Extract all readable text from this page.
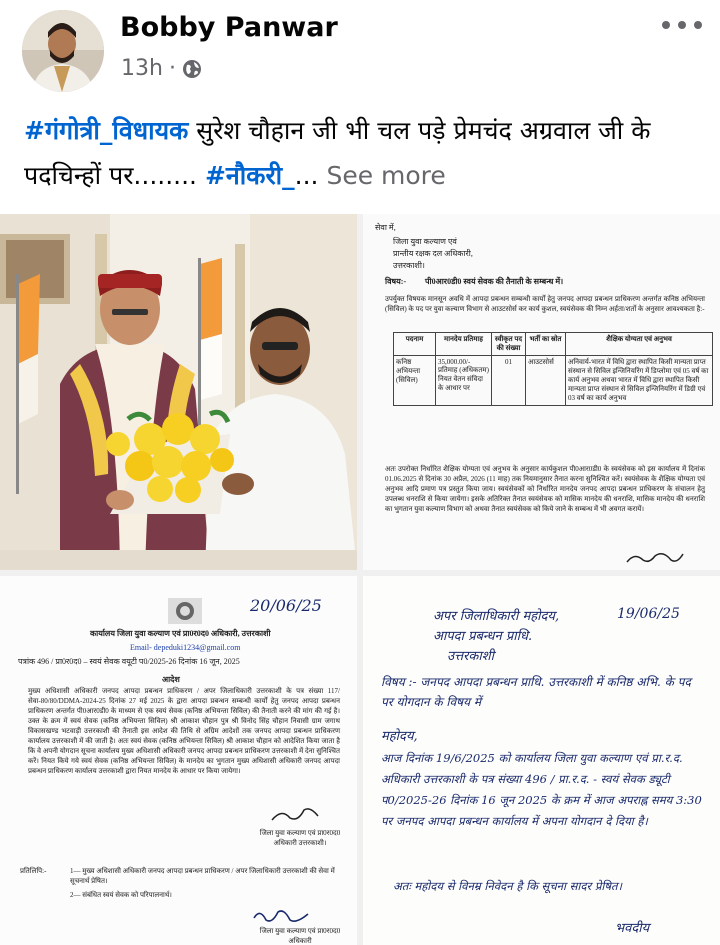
Bobby Panwar
13h ·
#गंगोत्री_विधायक सुरेश चौहान जी भी चल पड़े प्रेमचंद अग्रवाल जी के पदचिन्हों पर........ #नौकरी_... See more
सेवा में,
जिला युवा कल्याण एवं
प्रान्तीय रक्षक दल अधिकारी,
उत्तरकाशी।
विषय:- पी0आर0डी0 स्वयं सेवक की तैनाती के सम्बन्ध में।
उपर्युक्त विषयक मानसून अवधि में आपदा प्रबन्धन सम्बन्धी कार्यों हेतु जनपद आपदा प्रबन्धन प्राधिकरण अन्तर्गत कनिष्ठ अभियन्ता (सिविल) के पद पर युवा कल्याण विभाग से आउटसोर्स कर कार्य कुशल, स्वयंसेवक की निम्न अर्हता/शर्तो के अनुसार आवश्यकता है:-
पदनाम	मानदेय प्रतिमाह	स्वीकृत पद की संख्या	भर्ती का स्रोत	शैक्षिक योग्यता एवं अनुभव
कनिष्ठ अभियन्ता (सिविल)	35,000.00/- प्रतिमाह (अधिकतम) नियत वेतन संविदा के आधार पर	01	आउटसोर्स	अनिवार्य-भारत में विधि द्वारा स्थापित किसी मान्यता प्राप्त संस्थान से सिविल इन्जिनियरिंग में डिप्लोमा एवं 05 वर्ष का कार्य अनुभव अथवा भारत में विधि द्वारा स्थापित किसी मान्यता प्राप्त संस्थान से सिविल इन्जिनियरिंग में डिग्री एवं 03 वर्ष का कार्य अनुभव
अतः उपरोक्त निर्धारित शैक्षिक योग्यता एवं अनुभव के अनुसार कार्यकुशल पी0आर0डी0 के स्वयंसेवक को इस कार्यालय में दिनांक 01.06.2025 से दिनांक 30 अप्रैल, 2026 (11 माह) तक नियमानुसार तैनात करना सुनिश्चित करें। स्वयंसेवक के शैक्षिक योग्यता एवं अनुभव आदि प्रमाण पत्र प्रस्तुत किया जाय। स्वयंसेवकों को निर्धारित मानदेय जनपद आपदा प्रबन्धन प्राधिकरण के संचालन हेतु उपलब्ध धनराशि से किया जायेगा। इसके अतिरिक्त तैनात स्वयंसेवक को मासिक मानदेय की धनराशि, मासिक मानदेय की धनराशि का भुगतान युवा कल्याण विभाग को अथवा तैनात स्वयंसेवक को किये जाने के सम्बन्ध में भी अवगत करायें।
20/06/25
कार्यालय जिला युवा कल्याण एवं प्रा0र0द0 अधिकारी, उत्तरकाशी
Email- depeduki1234@gmail.com
पत्रांक 496 / प्रा0र0द0 – स्वयं सेवक वयूटी प0/2025-26 दिनांक 16 जून, 2025
आदेश
मुख्य अधिशासी अधिकारी जनपद आपदा प्रबन्धन प्राधिकरण / अपर जिलाधिकारी उत्तरकाशी के पत्र संख्या 117/सेवा-80/80/DDMA-2024-25 दिनांक 27 मई 2025 के द्वारा आपदा प्रबन्धन सम्बन्धी कार्यों हेतु जनपद आपदा प्रबन्धन प्राधिकरण अन्तर्गत पी0आर0डी0 के माध्यम से एक स्वयं सेवक (कनिष्ठ अभियन्ता सिविल) की तैनाती करने की मांग की गई है। उक्त के क्रम में स्वयं सेवक (कनिष्ठ अभियन्ता सिविल) श्री आकाश चौहान पुत्र श्री विनोद सिंह चौहान निवासी ग्राम जगाथ विकासखण्ड भटवाड़ी उत्तरकाशी की तैनाती इस आदेश की तिथि से अग्रिम आदेशों तक जनपद आपदा प्रबन्धन प्राधिकरण कार्यालय उत्तरकाशी में की जाती है। अतः स्वयं सेवक (कनिष्ठ अभियन्ता सिविल) श्री आकाश चौहान को आदेशित किया जाता है कि वे अपनी योगदान सूचना कार्यालय मुख्य अधिशासी अधिकारी जनपद आपदा प्रबन्धन प्राधिकरण उत्तरकाशी में देना सुनिश्चित करें। नियत किये गये स्वयं सेवक (कनिष्ठ अभियन्ता सिविल) के मानदेय का भुगतान मुख्य अधिशासी अधिकारी जनपद आपदा प्रबन्धन प्राधिकरण कार्यालय उत्तरकाशी द्वारा नियत मानदेय के आधार पर किया जायेगा।
जिला युवा कल्याण एवं प्रा0र0द0 अधिकारी उत्तरकाशी।
प्रतिलिपि:-	1— मुख्य अधिशासी अधिकारी जनपद आपदा प्रबन्धन प्राधिकरण / अपर जिलाधिकारी उत्तरकाशी की सेवा में सूचनार्थ प्रेषित।
2— संबंधित स्वयं सेवक को परिपालनार्थ।
जिला युवा कल्याण एवं प्रा0र0द0 अधिकारी
अपर जिलाधिकारी महोदय,
आपदा प्रबन्धन प्राधि.
उत्तरकाशी
19/06/25
विषय :- जनपद आपदा प्रबन्धन प्राधि. उत्तरकाशी में कनिष्ठ अभि. के पद पर योगदान के विषय में
महोदय,
आज दिनांक 19/6/2025 को कार्यालय जिला युवा कल्याण एवं प्रा.र.द. अधिकारी उत्तरकाशी के पत्र संख्या 496 / प्रा.र.द. - स्वयं सेवक ड्यूटी प0/2025-26 दिनांक 16 जून 2025 के क्रम में आज अपराह्न समय 3:30 पर जनपद आपदा प्रबन्धन कार्यालय में अपना योगदान दे दिया है।
अतः महोदय से विनम्र निवेदन है कि सूचना सादर प्रेषित।
भवदीय
